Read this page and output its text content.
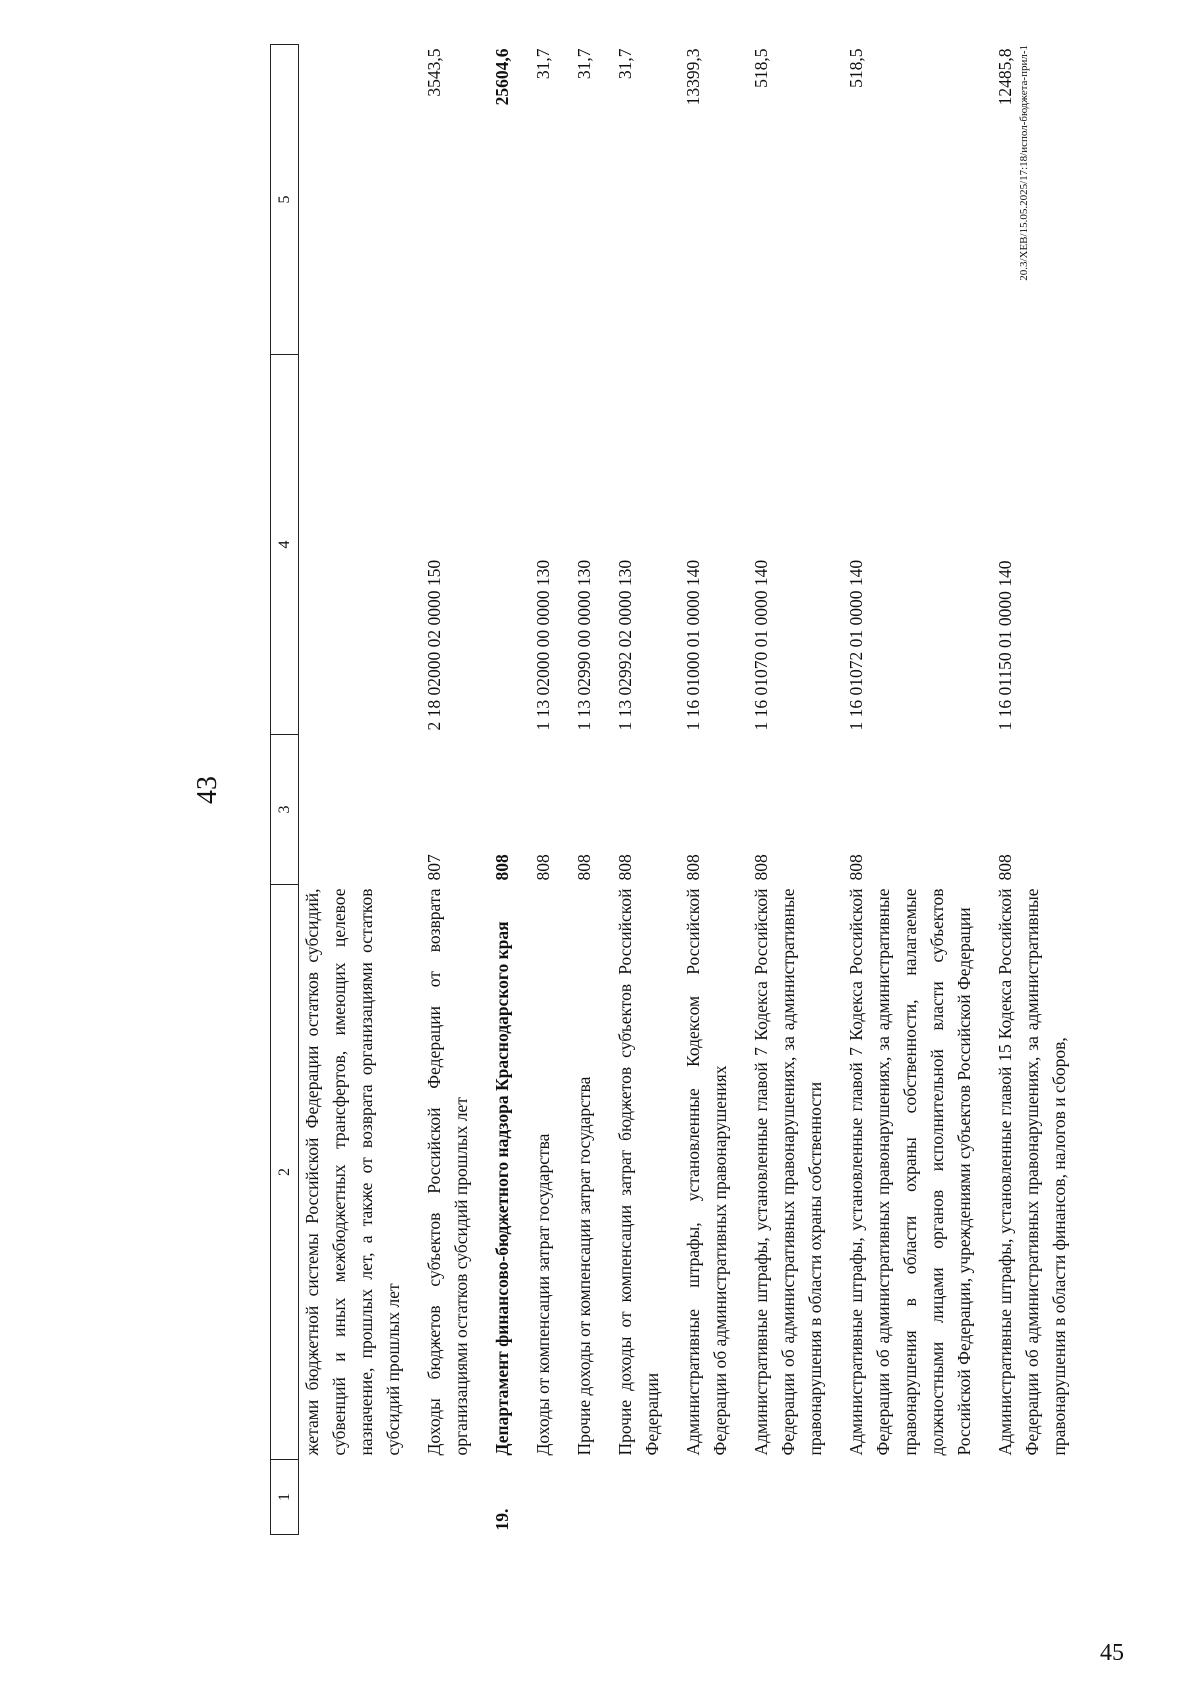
45
43
1	2	3	4	5
	жетами бюджетной системы Российской Федерации остатков субсидий, субвенций и иных межбюджетных трансфертов, имеющих целевое назначение, прошлых лет, а также от возврата организациями остатков субсидий прошлых лет			
	Доходы бюджетов субъектов Российской Федерации от возврата организациями остатков субсидий прошлых лет	807	2 18 02000 02 0000 150	3543,5
19.	Департамент финансово-бюджетного надзора Краснодарского края	808		25604,6
	Доходы от компенсации затрат государства	808	1 13 02000 00 0000 130	31,7
	Прочие доходы от компенсации затрат государства	808	1 13 02990 00 0000 130	31,7
	Прочие доходы от компенсации затрат бюджетов субъектов Российской Федерации	808	1 13 02992 02 0000 130	31,7
	Административные штрафы, установленные Кодексом Российской Федерации об административных правонарушениях	808	1 16 01000 01 0000 140	13399,3
	Административные штрафы, установленные главой 7 Кодекса Российской Федерации об административных правонарушениях, за административные правонарушения в области охраны собственности	808	1 16 01070 01 0000 140	518,5
	Административные штрафы, установленные главой 7 Кодекса Российской Федерации об административных правонарушениях, за административные правонарушения в области охраны собственности, налагаемые должностными лицами органов исполнительной власти субъектов Российской Федерации, учреждениями субъектов Российской Федерации	808	1 16 01072 01 0000 140	518,5
	Административные штрафы, установленные главой 15 Кодекса Российской Федерации об административных правонарушениях, за административные правонарушения в области финансов, налогов и сборов,	808	1 16 01150 01 0000 140	12485,8 20.3/XEB/15.05.2025/17:18/испол-бюджета-прил-1
